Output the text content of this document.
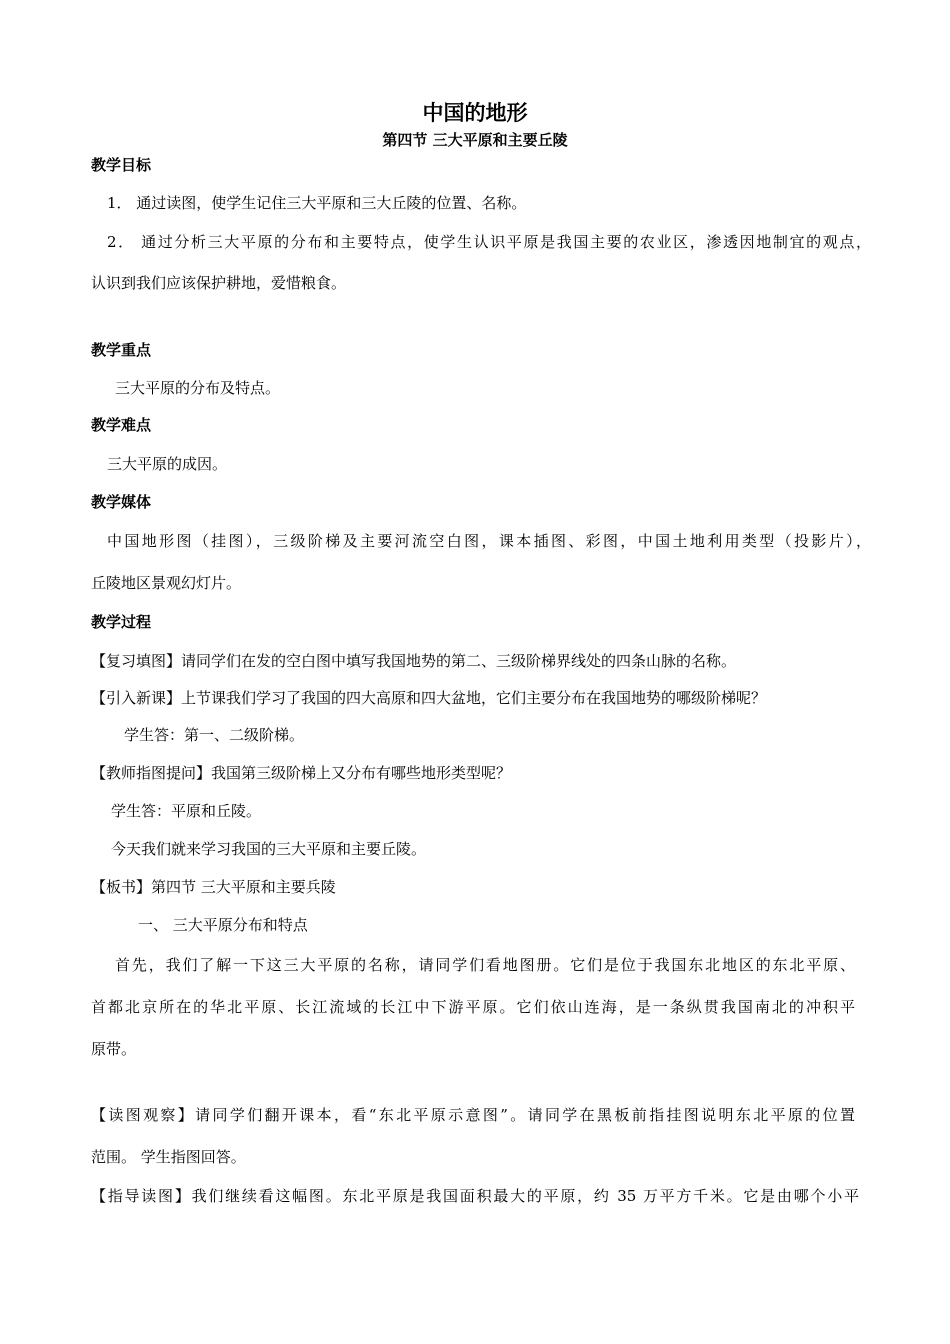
中国的地形
第四节 三大平原和主要丘陵
教学目标
1． 通过读图，使学生记住三大平原和三大丘陵的位置、名称。
2． 通过分析三大平原的分布和主要特点，使学生认识平原是我国主要的农业区，渗透因地制宜的观点，
认识到我们应该保护耕地，爱惜粮食。
教学重点
三大平原的分布及特点。
教学难点
三大平原的成因。
教学媒体
中国地形图（挂图），三级阶梯及主要河流空白图，课本插图、彩图，中国土地利用类型（投影片），
丘陵地区景观幻灯片。
教学过程
【复习填图】请同学们在发的空白图中填写我国地势的第二、三级阶梯界线处的四条山脉的名称。
【引入新课】上节课我们学习了我国的四大高原和四大盆地，它们主要分布在我国地势的哪级阶梯呢？
学生答：第一、二级阶梯。
【教师指图提问】我国第三级阶梯上又分布有哪些地形类型呢？
学生答：平原和丘陵。
今天我们就来学习我国的三大平原和主要丘陵。
【板书】第四节 三大平原和主要兵陵
一、 三大平原分布和特点
首先，我们了解一下这三大平原的名称，请同学们看地图册。它们是位于我国东北地区的东北平原、
首都北京所在的华北平原、长江流域的长江中下游平原。它们依山连海，是一条纵贯我国南北的冲积平
原带。
【读图观察】请同学们翻开课本，看“东北平原示意图”。请同学在黑板前指挂图说明东北平原的位置
范围。 学生指图回答。
【指导读图】我们继续看这幅图。东北平原是我国面积最大的平原，约 35 万平方千米。它是由哪个小平
